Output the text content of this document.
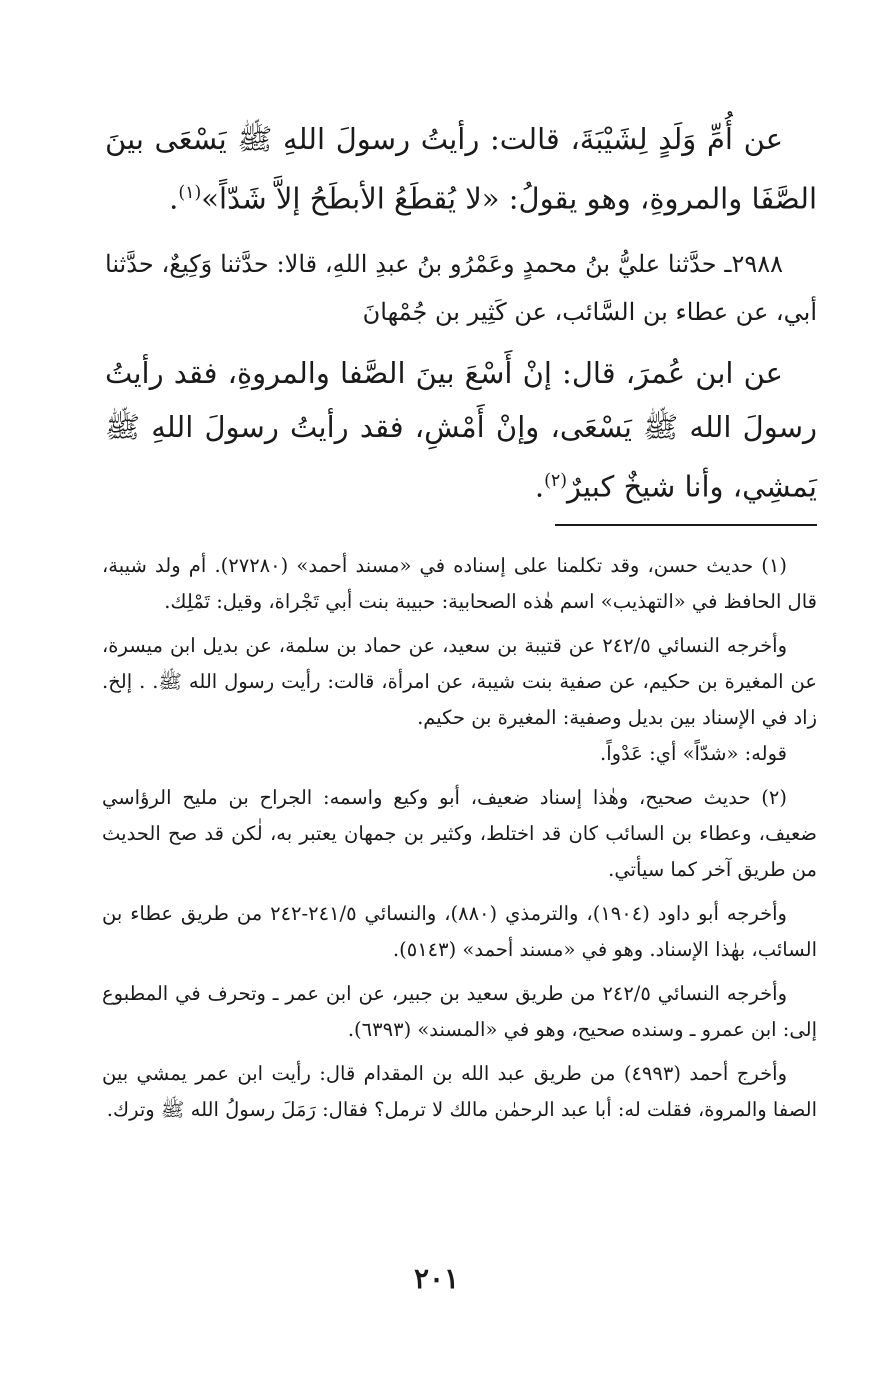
عن أُمِّ وَلَدٍ لِشَيْبَةَ، قالت: رأيتُ رسولَ اللهِ ﷺ يَسْعَى بينَ الصَّفَا والمروةِ، وهو يقولُ: «لا يُقطَعُ الأبطَحُ إلاَّ شَدّاً»$^{(١)}$.

٢٩٨٨ـ حدَّثنا عليُّ بنُ محمدٍ وعَمْرُو بنُ عبدِ اللهِ، قالا: حدَّثنا وَكِيعٌ، حدَّثنا أبي، عن عطاء بن السَّائب، عن كَثِير بن جُمْهانَ

عن ابن عُمرَ، قال: إنْ أَسْعَ بينَ الصَّفا والمروةِ، فقد رأيتُ رسولَ الله ﷺ يَسْعَى، وإنْ أَمْشِ، فقد رأيتُ رسولَ اللهِ ﷺ يَمشِي، وأنا شيخٌ كبيرٌ$^{(٢)}$.

(١) حديث حسن، وقد تكلمنا على إسناده في «مسند أحمد» (٢٧٢٨٠). أم ولد شيبة، قال الحافظ في «التهذيب» اسم هٰذه الصحابية: حبيبة بنت أبي تَجْراة، وقيل: تَمْلِك.

وأخرجه النسائي ٢٤٢/٥ عن قتيبة بن سعيد، عن حماد بن سلمة، عن بديل ابن ميسرة، عن المغيرة بن حكيم، عن صفية بنت شيبة، عن امرأة، قالت: رأيت رسول الله ﷺ. . إلخ. زاد في الإسناد بين بديل وصفية: المغيرة بن حكيم.

قوله: «شدّاً» أي: عَدْواً.

(٢) حديث صحيح، وهٰذا إسناد ضعيف، أبو وكيع واسمه: الجراح بن مليح الرؤاسي ضعيف، وعطاء بن السائب كان قد اختلط، وكثير بن جمهان يعتبر به، لٰكن قد صح الحديث من طريق آخر كما سيأتي.

وأخرجه أبو داود (١٩٠٤)، والترمذي (٨٨٠)، والنسائي ٢٤١/٥-٢٤٢ من طريق عطاء بن السائب، بهٰذا الإسناد. وهو في «مسند أحمد» (٥١٤٣).

وأخرجه النسائي ٢٤٢/٥ من طريق سعيد بن جبير، عن ابن عمر ـ وتحرف في المطبوع إلى: ابن عمرو ـ وسنده صحيح، وهو في «المسند» (٦٣٩٣).

وأخرج أحمد (٤٩٩٣) من طريق عبد الله بن المقدام قال: رأيت ابن عمر يمشي بين الصفا والمروة، فقلت له: أبا عبد الرحمٰن مالك لا ترمل؟ فقال: رَمَلَ رسولُ الله ﷺ وترك.

٢٠١
